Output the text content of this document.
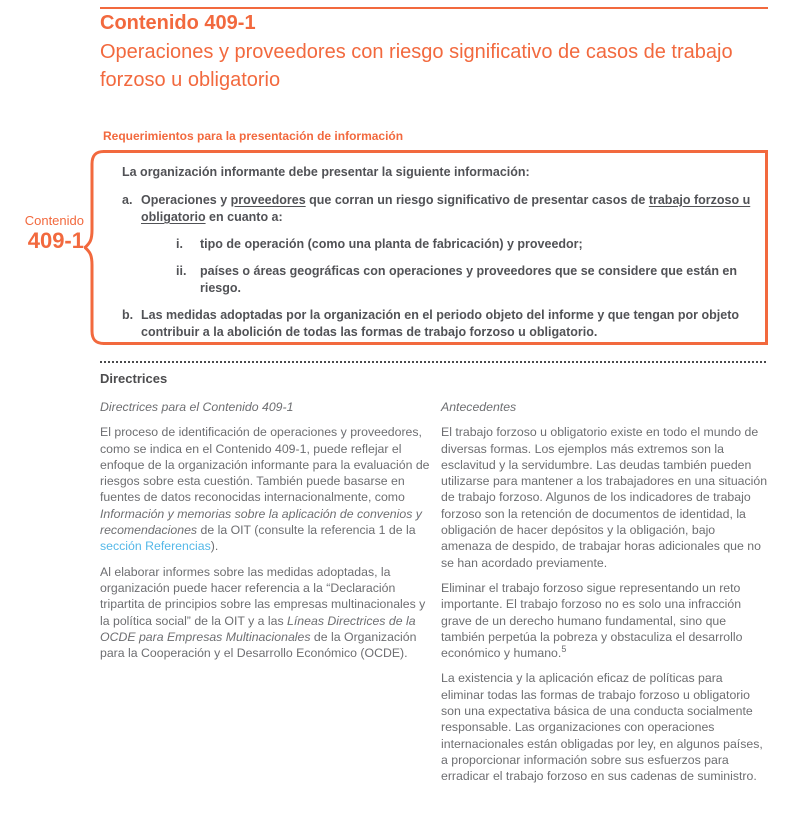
Contenido 409-1
Operaciones y proveedores con riesgo significativo de casos de trabajo forzoso u obligatorio
Requerimientos para la presentación de información

La organización informante debe presentar la siguiente información:

a. Operaciones y proveedores que corran un riesgo significativo de presentar casos de trabajo forzoso u obligatorio en cuanto a:
i.	tipo de operación (como una planta de fabricación) y proveedor;
ii.	países o áreas geográficas con operaciones y proveedores que se considere que están en riesgo.
b. Las medidas adoptadas por la organización en el periodo objeto del informe y que tengan por objeto contribuir a la abolición de todas las formas de trabajo forzoso u obligatorio.
Contenido
409-1
Directrices

Directrices para el Contenido 409-1

El proceso de identificación de operaciones y proveedores, como se indica en el Contenido 409-1, puede reflejar el enfoque de la organización informante para la evaluación de riesgos sobre esta cuestión. También puede basarse en fuentes de datos reconocidas internacionalmente, como Información y memorias sobre la aplicación de convenios y recomendaciones de la OIT (consulte la referencia 1 de la sección Referencias).

Al elaborar informes sobre las medidas adoptadas, la organización puede hacer referencia a la “Declaración tripartita de principios sobre las empresas multinacionales y la política social” de la OIT y a las Líneas Directrices de la OCDE para Empresas Multinacionales de la Organización para la Cooperación y el Desarrollo Económico (OCDE).

Antecedentes

El trabajo forzoso u obligatorio existe en todo el mundo de diversas formas. Los ejemplos más extremos son la esclavitud y la servidumbre. Las deudas también pueden utilizarse para mantener a los trabajadores en una situación de trabajo forzoso. Algunos de los indicadores de trabajo forzoso son la retención de documentos de identidad, la obligación de hacer depósitos y la obligación, bajo amenaza de despido, de trabajar horas adicionales que no se han acordado previamente.

Eliminar el trabajo forzoso sigue representando un reto importante. El trabajo forzoso no es solo una infracción grave de un derecho humano fundamental, sino que también perpetúa la pobreza y obstaculiza el desarrollo económico y humano.$^5$

La existencia y la aplicación eficaz de políticas para eliminar todas las formas de trabajo forzoso u obligatorio son una expectativa básica de una conducta socialmente responsable. Las organizaciones con operaciones internacionales están obligadas por ley, en algunos países, a proporcionar información sobre sus esfuerzos para erradicar el trabajo forzoso en sus cadenas de suministro.
